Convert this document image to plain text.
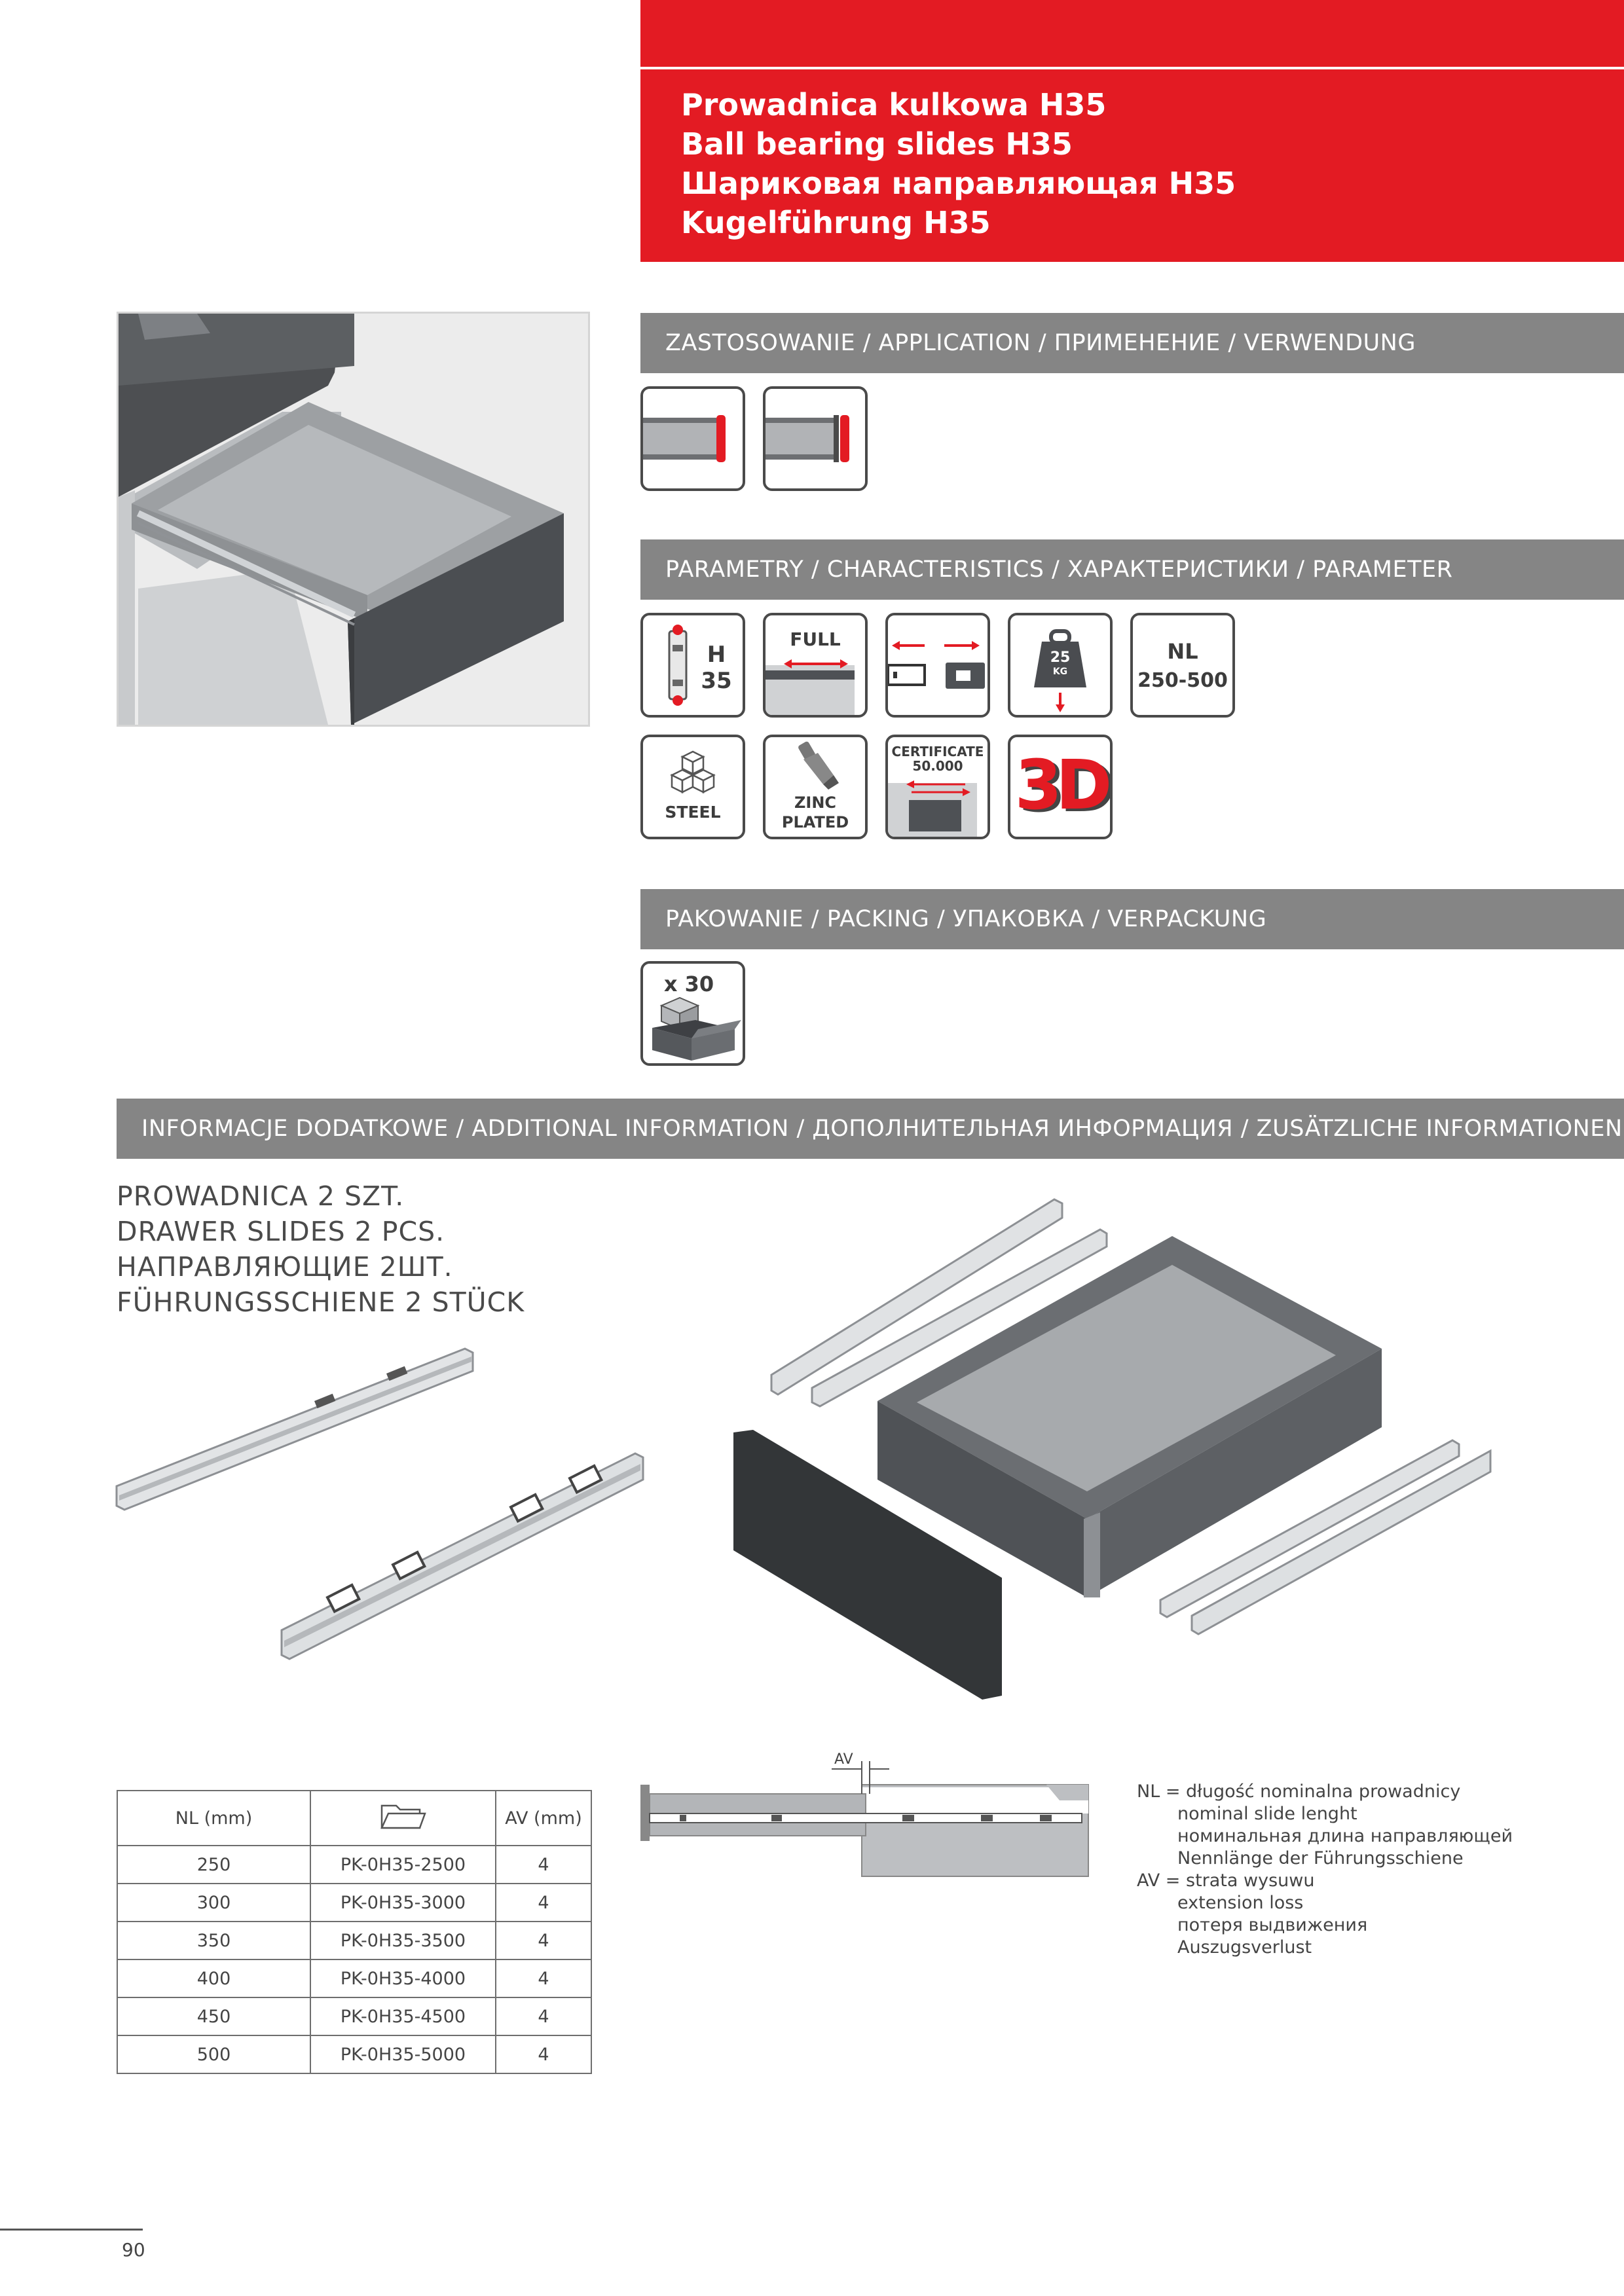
Prowadnica kulkowa H35
Ball bearing slides H35
Шариковая направляющая H35
Kugelführung H35
ZASTOSOWANIE / APPLICATION / ПРИМЕНЕНИЕ / VERWENDUNG
PARAMETRY / CHARACTERISTICS / ХАРАКТЕРИСТИКИ / PARAMETER
H
35
FULL
25
KG
NL
250-500
STEEL	ZINC
PLATED
CERTIFICATE
50.000 3D
PAKOWANIE / PACKING / УПАКОВКА / VERPACKUNG
x 30
INFORMACJE DODATKOWE / ADDITIONAL INFORMATION / ДОПОЛНИТЕЛЬНАЯ ИНФОРМАЦИЯ / ZUSÄTZLICHE INFORMATIONEN
PROWADNICA 2 SZT.
DRAWER SLIDES 2 PCS.
НАПРАВЛЯЮЩИЕ 2ШТ.
FÜHRUNGSSCHIENE 2 STÜCK
NL (mm)		AV (mm)
250	PK-0H35-2500	4
300	PK-0H35-3000	4
350	PK-0H35-3500	4
400	PK-0H35-4000	4
450	PK-0H35-4500	4
500	PK-0H35-5000	4
AV
NL = długość nominalna prowadnicy
nominal slide lenght
номинальная длина направляющей
Nennlänge der Führungsschiene
AV = strata wysuwu
extension loss
потеря выдвижения
Auszugsverlust
90
